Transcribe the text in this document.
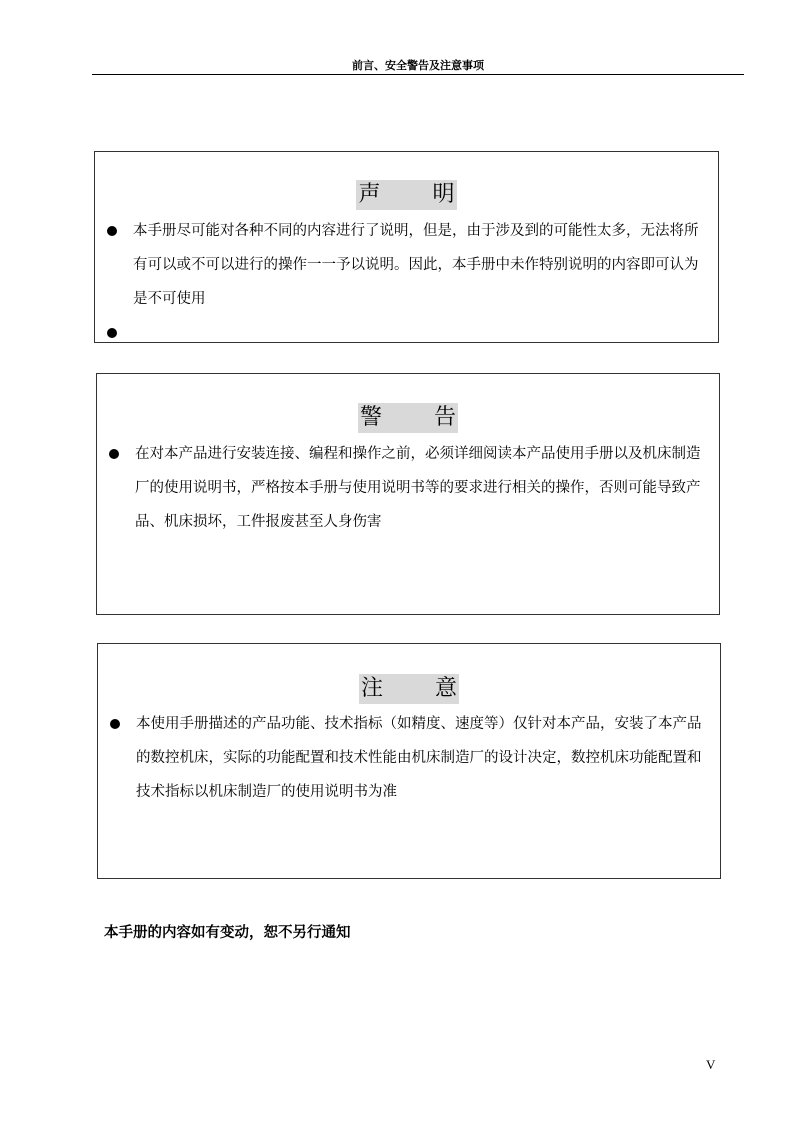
前言、安全警告及注意事项
声 明
本手册尽可能对各种不同的内容进行了说明，但是，由于涉及到的可能性太多，无法将所有可以或不可以进行的操作一一予以说明。因此，本手册中未作特别说明的内容即可认为是不可使用
警 告
在对本产品进行安装连接、编程和操作之前，必须详细阅读本产品使用手册以及机床制造厂的使用说明书，严格按本手册与使用说明书等的要求进行相关的操作，否则可能导致产品、机床损坏，工件报废甚至人身伤害
注 意
本使用手册描述的产品功能、技术指标（如精度、速度等）仅针对本产品，安装了本产品的数控机床，实际的功能配置和技术性能由机床制造厂的设计决定，数控机床功能配置和技术指标以机床制造厂的使用说明书为准
本手册的内容如有变动，恕不另行通知
V
